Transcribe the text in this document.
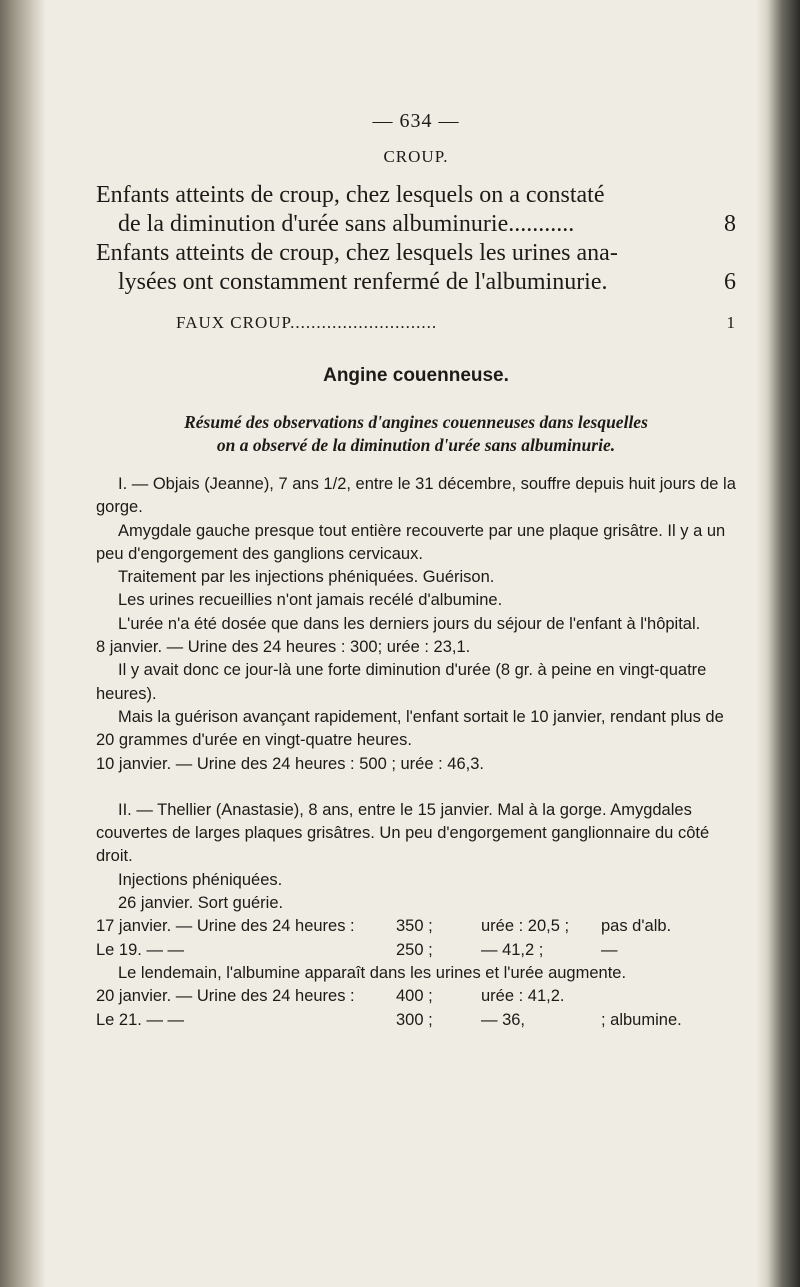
— 634 —
CROUP.
Enfants atteints de croup, chez lesquels on a constaté
de la diminution d'urée sans albuminurie...........	8
Enfants atteints de croup, chez lesquels les urines ana-
lysées ont constamment renfermé de l'albuminurie.	6
FAUX CROUP............................	1
Angine couenneuse.
Résumé des observations d'angines couenneuses dans lesquelles
on a observé de la diminution d'urée sans albuminurie.

I. — Objais (Jeanne), 7 ans 1/2, entre le 31 décembre, souffre depuis huit jours de la gorge.

Amygdale gauche presque tout entière recouverte par une plaque grisâtre. Il y a un peu d'engorgement des ganglions cervicaux.

Traitement par les injections phéniquées. Guérison.

Les urines recueillies n'ont jamais recélé d'albumine.

L'urée n'a été dosée que dans les derniers jours du séjour de l'enfant à l'hôpital.

8 janvier. — Urine des 24 heures : 300; urée : 23,1.

Il y avait donc ce jour-là une forte diminution d'urée (8 gr. à peine en vingt-quatre heures).

Mais la guérison avançant rapidement, l'enfant sortait le 10 janvier, rendant plus de 20 grammes d'urée en vingt-quatre heures.

10 janvier. — Urine des 24 heures : 500 ; urée : 46,3.

II. — Thellier (Anastasie), 8 ans, entre le 15 janvier. Mal à la gorge. Amygdales couvertes de larges plaques grisâtres. Un peu d'engorgement ganglionnaire du côté droit.

Injections phéniquées.

26 janvier. Sort guérie.

17 janvier. — Urine des 24 heures :	350 ;	urée : 20,5 ;	pas d'alb.
Le 19. — —	250 ;	— 41,2 ;	—

Le lendemain, l'albumine apparaît dans les urines et l'urée augmente.

20 janvier. — Urine des 24 heures :	400 ;	urée : 41,2.
Le 21. — —	300 ;	— 36,	; albumine.
